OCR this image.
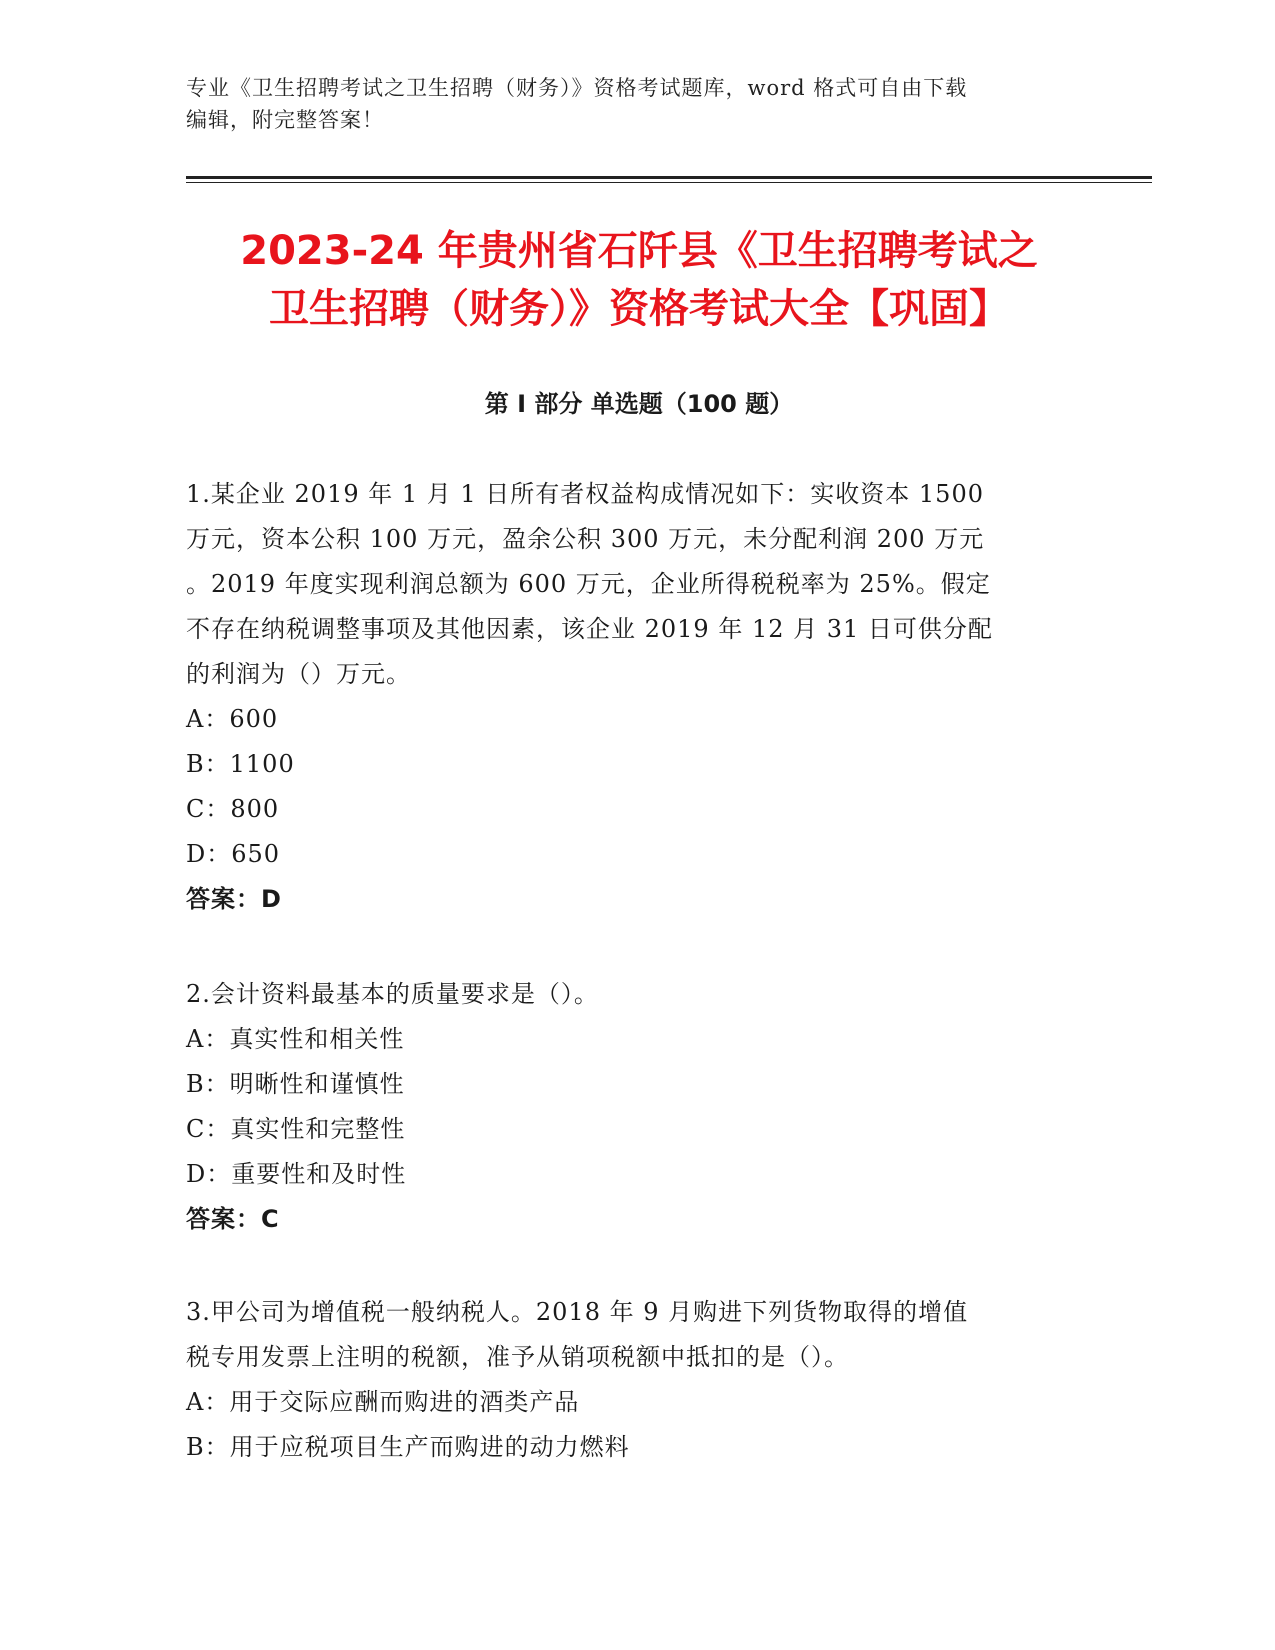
专业《卫生招聘考试之卫生招聘（财务）》资格考试题库，word 格式可自由下载
编辑，附完整答案！
2023-24 年贵州省石阡县《卫生招聘考试之
卫生招聘（财务）》资格考试大全【巩固】
第 I 部分 单选题（100 题）
1.某企业 2019 年 1 月 1 日所有者权益构成情况如下：实收资本 1500
万元，资本公积 100 万元，盈余公积 300 万元，未分配利润 200 万元
。2019 年度实现利润总额为 600 万元，企业所得税税率为 25%。假定
不存在纳税调整事项及其他因素，该企业 2019 年 12 月 31 日可供分配
的利润为（）万元。
A：600
B：1100
C：800
D：650
答案：D
2.会计资料最基本的质量要求是（）。
A：真实性和相关性
B：明晰性和谨慎性
C：真实性和完整性
D：重要性和及时性
答案：C
3.甲公司为增值税一般纳税人。2018 年 9 月购进下列货物取得的增值
税专用发票上注明的税额，准予从销项税额中抵扣的是（）。
A：用于交际应酬而购进的酒类产品
B：用于应税项目生产而购进的动力燃料
